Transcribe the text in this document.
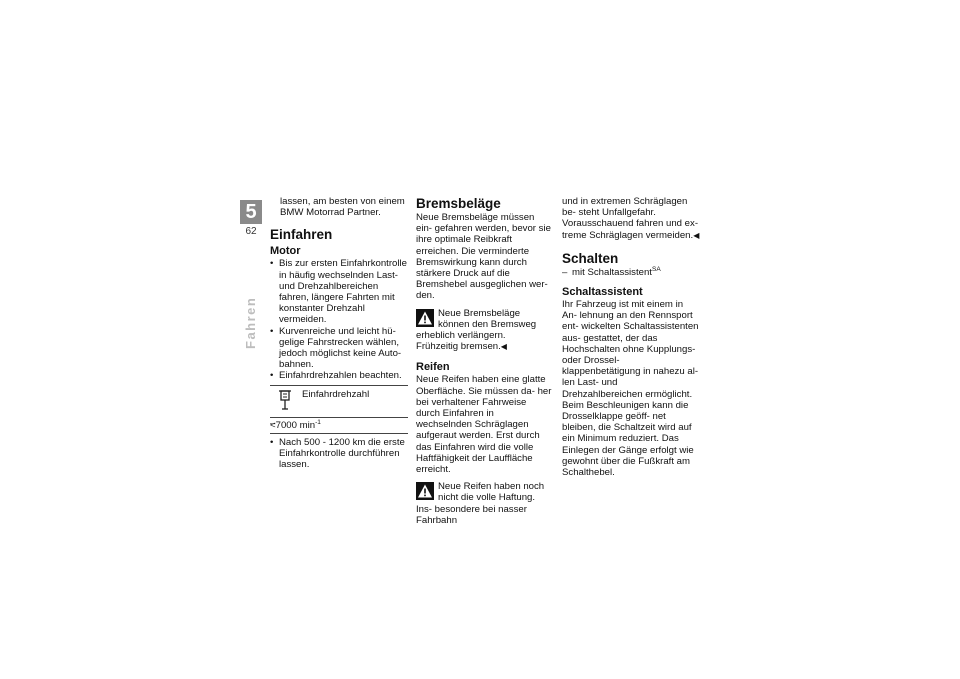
5
62
Fahren

lassen, am besten von einem

BMW Motorrad Partner.

Einfahren
Motor
• Bis zur ersten Einfahrkontrolle in häufig wechselnden Last- und Drehzahlbereichen fahren, längere Fahrten mit konstanter Drehzahl vermeiden.
• Kurvenreiche und leicht hü- gelige Fahrstrecken wählen, jedoch möglichst keine Auto- bahnen.
• Einfahrdrehzahlen beachten.
Einfahrdrehzahl
– <7000 $\min^{-1}$
• Nach 500 - 1200 km die erste Einfahrkontrolle durchführen lassen.
Bremsbeläge

Neue Bremsbeläge müssen ein- gefahren werden, bevor sie ihre optimale Reibkraft erreichen. Die verminderte Bremswirkung kann durch stärkere Druck auf die Bremshebel ausgeglichen wer- den.

Neue Bremsbeläge können den Bremsweg erheblich verlängern.

Frühzeitig bremsen. ◀

Reifen

Neue Reifen haben eine glatte Oberfläche. Sie müssen da- her bei verhaltener Fahrweise durch Einfahren in wechselnden Schräglagen aufgeraut werden. Erst durch das Einfahren wird die volle Haftfähigkeit der Lauffläche erreicht.

Neue Reifen haben noch nicht die volle Haftung. Ins- besondere bei nasser Fahrbahn

und in extremen Schräglagen be- steht Unfallgefahr.

Vorausschauend fahren und ex- treme Schräglagen vermeiden. ◀

Schalten
– mit Schaltassistent$^{SA}$
Schaltassistent

Ihr Fahrzeug ist mit einem in An- lehnung an den Rennsport ent- wickelten Schaltassistenten aus- gestattet, der das Hochschalten ohne Kupplungs- oder Drossel- klappenbetätigung in nahezu al- len Last- und Drehzahlbereichen ermöglicht. Beim Beschleunigen kann die Drosselklappe geöff- net bleiben, die Schaltzeit wird auf ein Minimum reduziert. Das Einlegen der Gänge erfolgt wie gewohnt über die Fußkraft am Schalthebel.
